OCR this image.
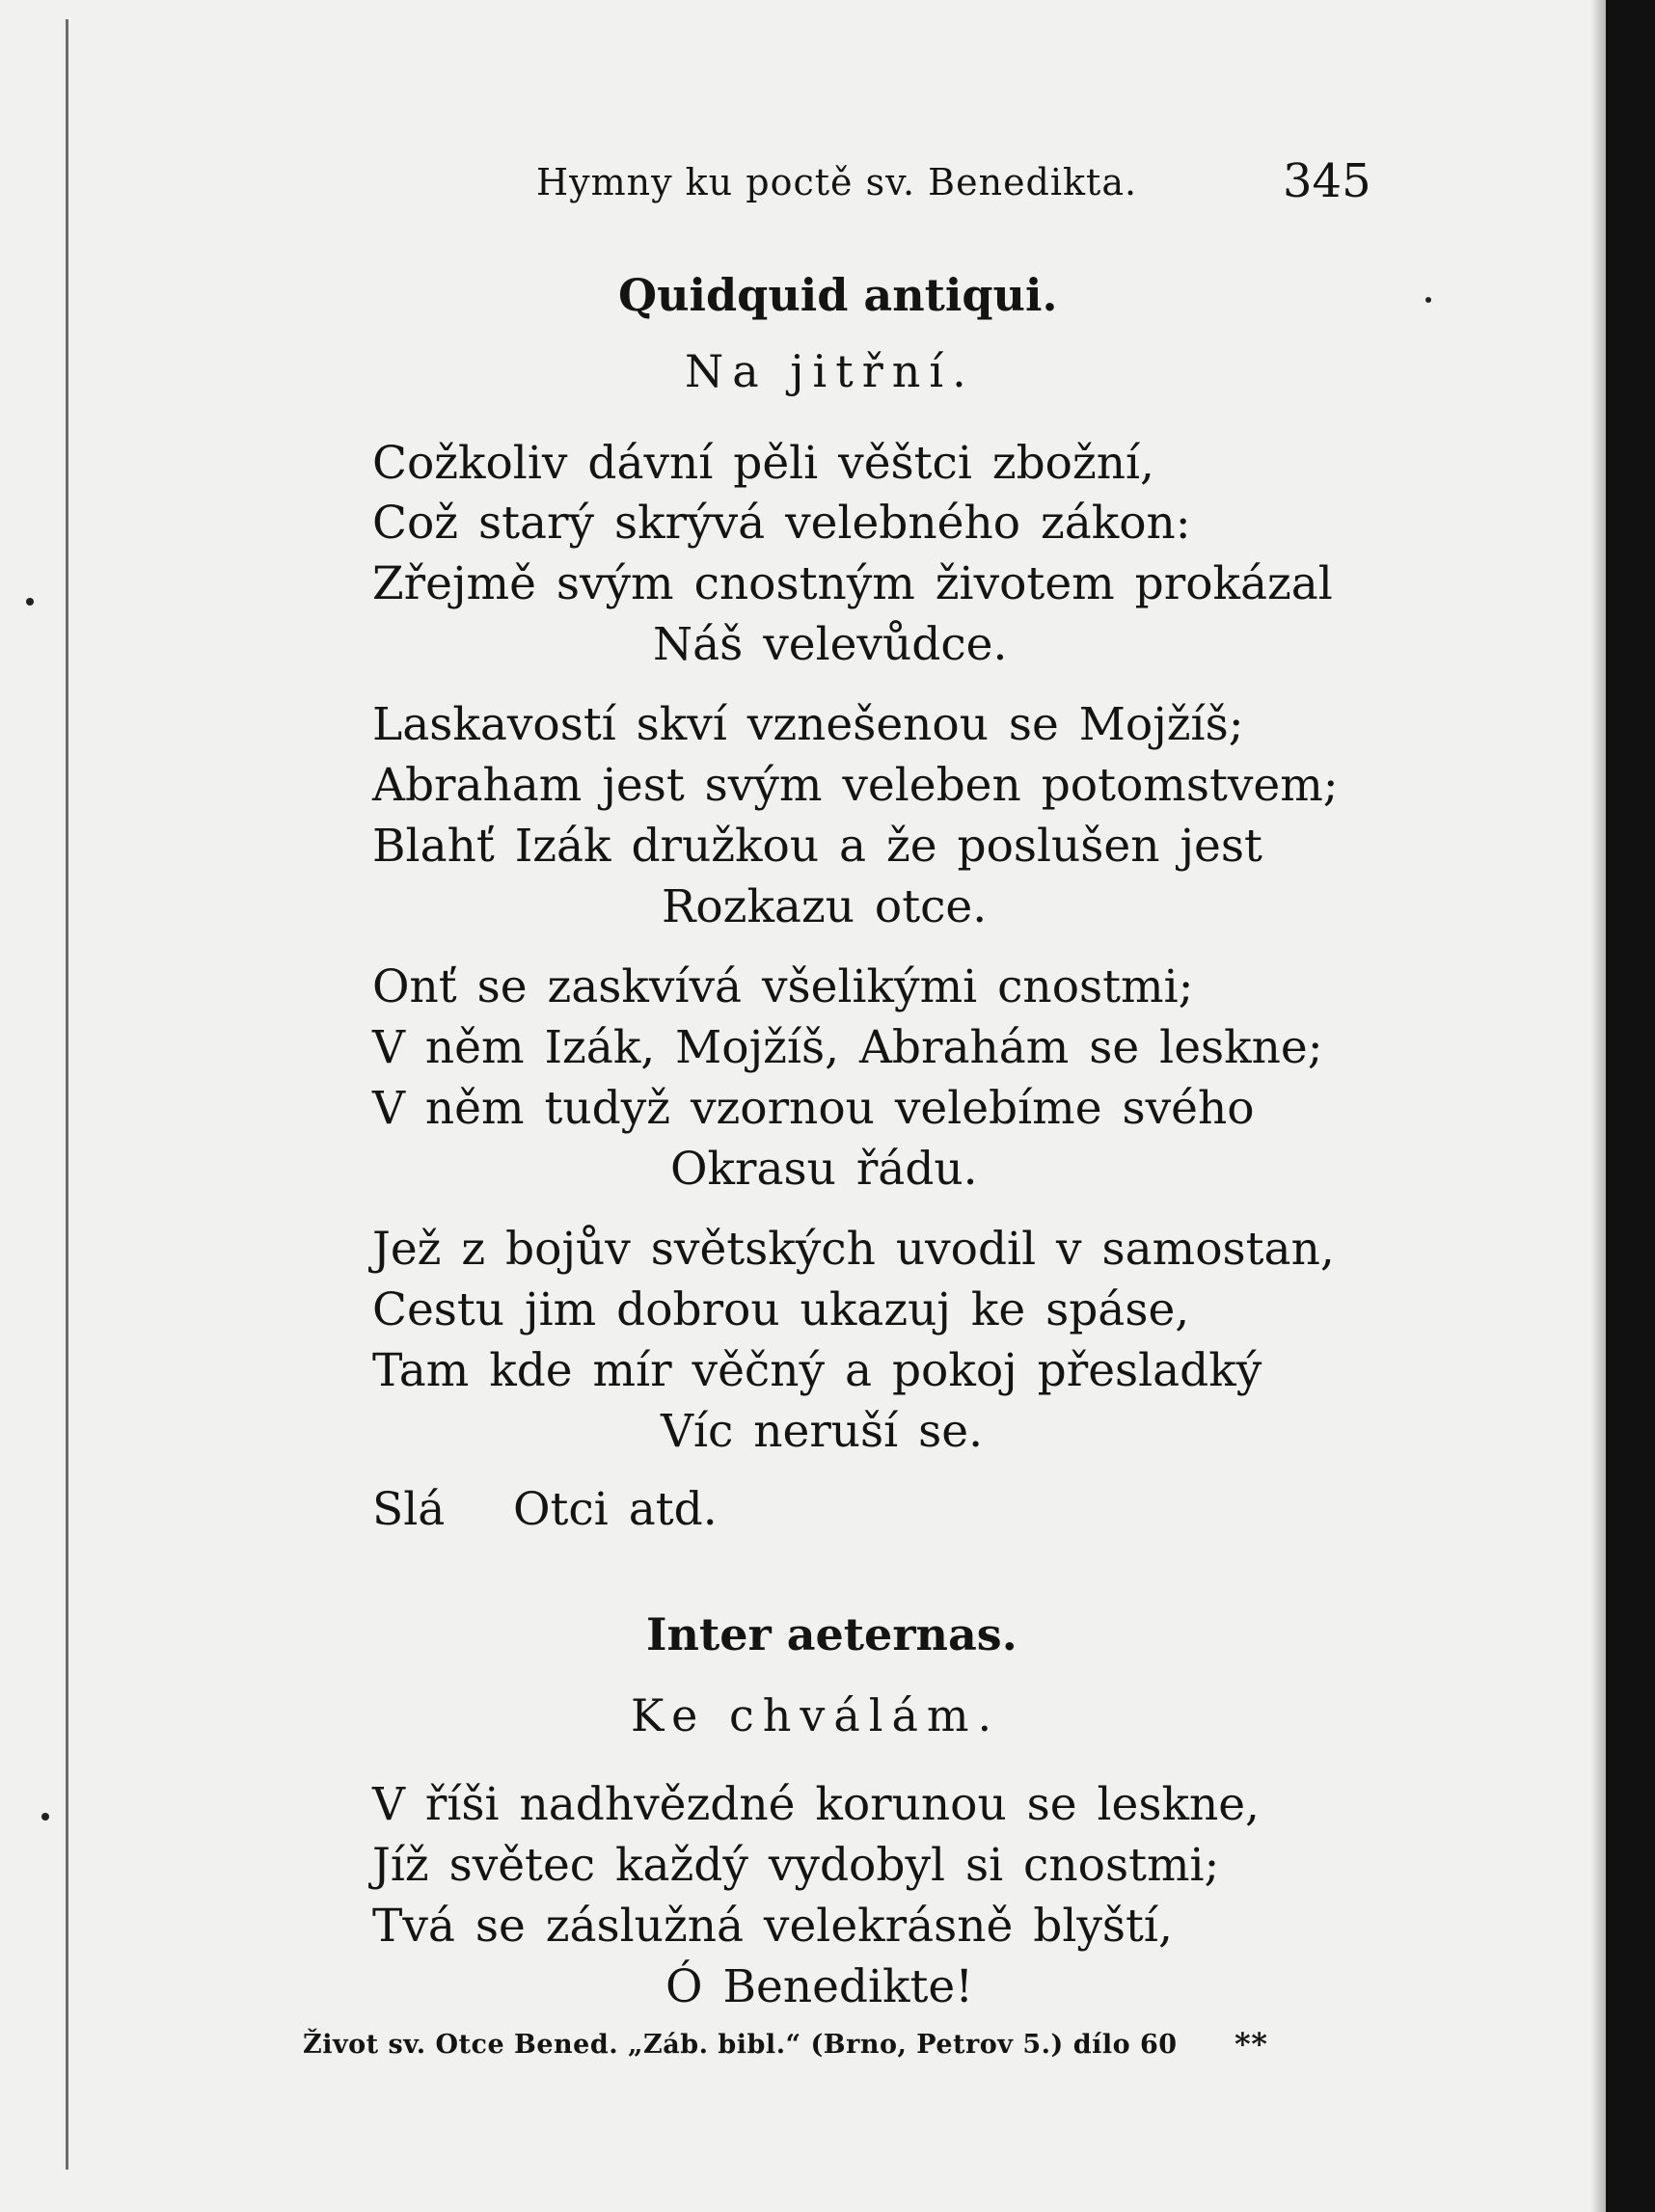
Hymny ku poctě sv. Benedikta.	345

Quidquid antiqui.

Na jitřní.

Cožkoliv dávní pěli věštci zbožní,

Což starý skrývá velebného zákon:

Zřejmě svým cnostným životem prokázal

Náš velevůdce.

Laskavostí skví vznešenou se Mojžíš;

Abraham jest svým veleben potomstvem;

Blahť Izák družkou a že poslušen jest

Rozkazu otce.

Onť se zaskvívá všelikými cnostmi;

V něm Izák, Mojžíš, Abrahám se leskne;

V něm tudyž vzornou velebíme svého

Okrasu řádu.

Jež z bojův světských uvodil v samostan,

Cestu jim dobrou ukazuj ke spáse,

Tam kde mír věčný a pokoj přesladký

Víc neruší se.

Slá Otci atd.

Inter aeternas.

Ke chválám.

V říši nadhvězdné korunou se leskne,

Jíž světec každý vydobyl si cnostmi;

Tvá se záslužná velekrásně blyští,

Ó Benedikte!

Život sv. Otce Bened. „Záb. bibl.“ (Brno, Petrov 5.) dílo 60 **
